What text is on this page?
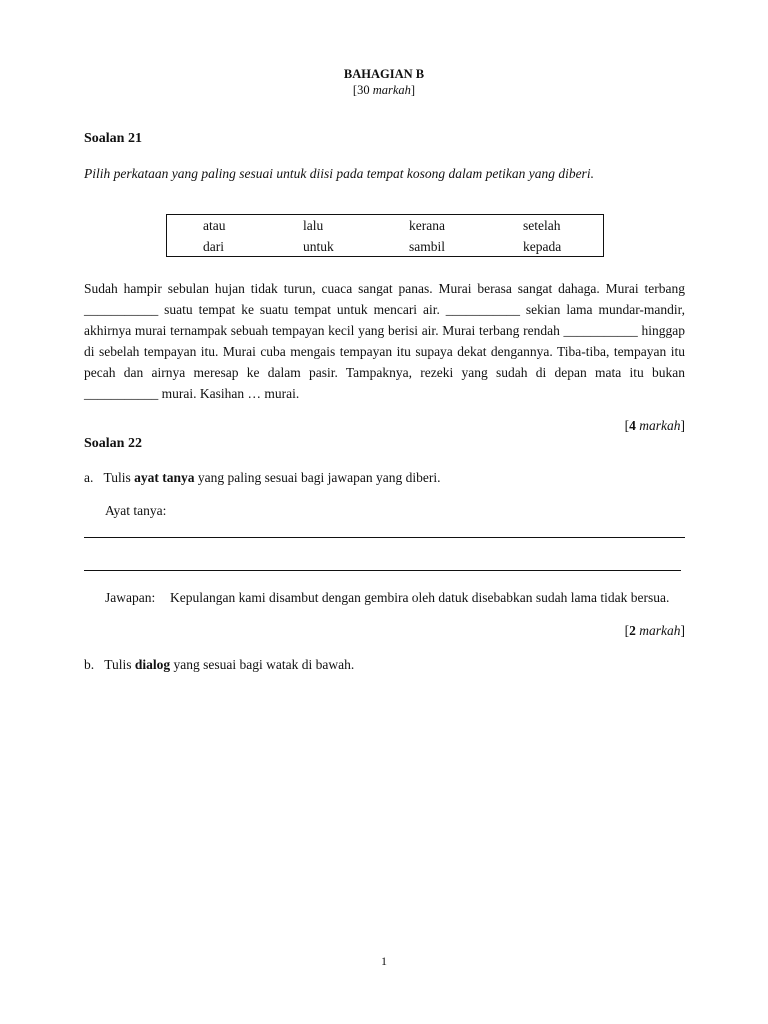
BAHAGIAN B
[30 markah]
Soalan 21
Pilih perkataan yang paling sesuai untuk diisi pada tempat kosong dalam petikan yang diberi.
atau	lalu	kerana	setelah
dari	untuk	sambil	kepada
Sudah hampir sebulan hujan tidak turun, cuaca sangat panas. Murai berasa sangat dahaga. Murai terbang ___________ suatu tempat ke suatu tempat untuk mencari air. ___________ sekian lama mundar-mandir, akhirnya murai ternampak sebuah tempayan kecil yang berisi air. Murai terbang rendah ___________ hinggap di sebelah tempayan itu. Murai cuba mengais tempayan itu supaya dekat dengannya. Tiba-tiba, tempayan itu pecah dan airnya meresap ke dalam pasir. Tampaknya, rezeki yang sudah di depan mata itu bukan ___________ murai. Kasihan … murai.
[4 markah]
Soalan 22
a. Tulis ayat tanya yang paling sesuai bagi jawapan yang diberi.
Ayat tanya:
Jawapan: Kepulangan kami disambut dengan gembira oleh datuk disebabkan sudah lama tidak bersua.
[2 markah]
b. Tulis dialog yang sesuai bagi watak di bawah.
1
